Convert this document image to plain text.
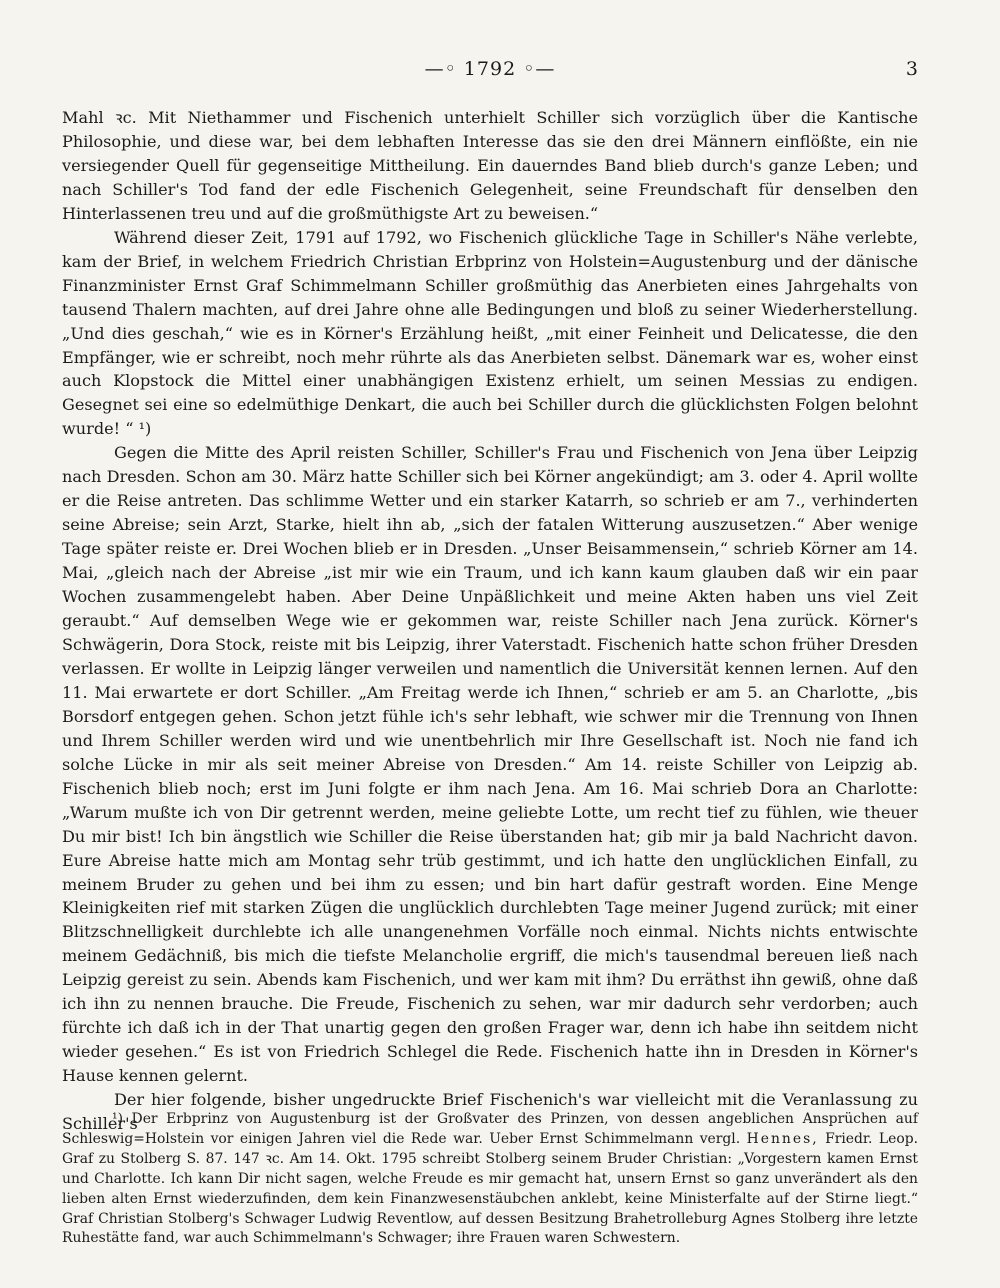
—◦ 1792 ◦—	3

Mahl ꝛc. Mit Niethammer und Fischenich unterhielt Schiller sich vorzüglich über die Kantische Philosophie, und diese war, bei dem lebhaften Interesse das sie den drei Männern einflößte, ein nie versiegender Quell für gegenseitige Mittheilung. Ein dauerndes Band blieb durch's ganze Leben; und nach Schiller's Tod fand der edle Fischenich Gelegenheit, seine Freundschaft für denselben den Hinterlassenen treu und auf die großmüthigste Art zu beweisen.“

Während dieser Zeit, 1791 auf 1792, wo Fischenich glückliche Tage in Schiller's Nähe verlebte, kam der Brief, in welchem Friedrich Christian Erbprinz von Holstein=Augustenburg und der dänische Finanzminister Ernst Graf Schimmelmann Schiller großmüthig das Anerbieten eines Jahrgehalts von tausend Thalern machten, auf drei Jahre ohne alle Bedingungen und bloß zu seiner Wiederherstellung. „Und dies geschah,“ wie es in Körner's Erzählung heißt, „mit einer Feinheit und Delicatesse, die den Empfänger, wie er schreibt, noch mehr rührte als das Anerbieten selbst. Dänemark war es, woher einst auch Klopstock die Mittel einer unabhängigen Existenz erhielt, um seinen Messias zu endigen. Gesegnet sei eine so edelmüthige Denkart, die auch bei Schiller durch die glücklichsten Folgen belohnt wurde! “ ¹)

Gegen die Mitte des April reisten Schiller, Schiller's Frau und Fischenich von Jena über Leipzig nach Dresden. Schon am 30. März hatte Schiller sich bei Körner angekündigt; am 3. oder 4. April wollte er die Reise antreten. Das schlimme Wetter und ein starker Katarrh, so schrieb er am 7., verhinderten seine Abreise; sein Arzt, Starke, hielt ihn ab, „sich der fatalen Witterung auszusetzen.“ Aber wenige Tage später reiste er. Drei Wochen blieb er in Dresden. „Unser Beisammensein,“ schrieb Körner am 14. Mai, „gleich nach der Abreise „ist mir wie ein Traum, und ich kann kaum glauben daß wir ein paar Wochen zusammengelebt haben. Aber Deine Unpäßlichkeit und meine Akten haben uns viel Zeit geraubt.“ Auf demselben Wege wie er gekommen war, reiste Schiller nach Jena zurück. Körner's Schwägerin, Dora Stock, reiste mit bis Leipzig, ihrer Vaterstadt. Fischenich hatte schon früher Dresden verlassen. Er wollte in Leipzig länger verweilen und namentlich die Universität kennen lernen. Auf den 11. Mai erwartete er dort Schiller. „Am Freitag werde ich Ihnen,“ schrieb er am 5. an Charlotte, „bis Borsdorf entgegen gehen. Schon jetzt fühle ich's sehr lebhaft, wie schwer mir die Trennung von Ihnen und Ihrem Schiller werden wird und wie unentbehrlich mir Ihre Gesellschaft ist. Noch nie fand ich solche Lücke in mir als seit meiner Abreise von Dresden.“ Am 14. reiste Schiller von Leipzig ab. Fischenich blieb noch; erst im Juni folgte er ihm nach Jena. Am 16. Mai schrieb Dora an Charlotte: „Warum mußte ich von Dir getrennt werden, meine geliebte Lotte, um recht tief zu fühlen, wie theuer Du mir bist! Ich bin ängstlich wie Schiller die Reise überstanden hat; gib mir ja bald Nachricht davon. Eure Abreise hatte mich am Montag sehr trüb gestimmt, und ich hatte den unglücklichen Einfall, zu meinem Bruder zu gehen und bei ihm zu essen; und bin hart dafür gestraft worden. Eine Menge Kleinigkeiten rief mit starken Zügen die unglücklich durchlebten Tage meiner Jugend zurück; mit einer Blitzschnelligkeit durchlebte ich alle unangenehmen Vorfälle noch einmal. Nichts nichts entwischte meinem Gedächniß, bis mich die tiefste Melancholie ergriff, die mich's tausendmal bereuen ließ nach Leipzig gereist zu sein. Abends kam Fischenich, und wer kam mit ihm? Du erräthst ihn gewiß, ohne daß ich ihn zu nennen brauche. Die Freude, Fischenich zu sehen, war mir dadurch sehr verdorben; auch fürchte ich daß ich in der That unartig gegen den großen Frager war, denn ich habe ihn seitdem nicht wieder gesehen.“ Es ist von Friedrich Schlegel die Rede. Fischenich hatte ihn in Dresden in Körner's Hause kennen gelernt.

Der hier folgende, bisher ungedruckte Brief Fischenich's war vielleicht mit die Veranlassung zu Schiller's

¹) Der Erbprinz von Augustenburg ist der Großvater des Prinzen, von dessen angeblichen Ansprüchen auf Schleswig=Holstein vor einigen Jahren viel die Rede war. Ueber Ernst Schimmelmann vergl. Hennes, Friedr. Leop. Graf zu Stolberg S. 87. 147 ꝛc. Am 14. Okt. 1795 schreibt Stolberg seinem Bruder Christian: „Vorgestern kamen Ernst und Charlotte. Ich kann Dir nicht sagen, welche Freude es mir gemacht hat, unsern Ernst so ganz unverändert als den lieben alten Ernst wiederzufinden, dem kein Finanzwesenstäubchen anklebt, keine Ministerfalte auf der Stirne liegt.“ Graf Christian Stolberg's Schwager Ludwig Reventlow, auf dessen Besitzung Brahetrolleburg Agnes Stolberg ihre letzte Ruhestätte fand, war auch Schimmelmann's Schwager; ihre Frauen waren Schwestern.
